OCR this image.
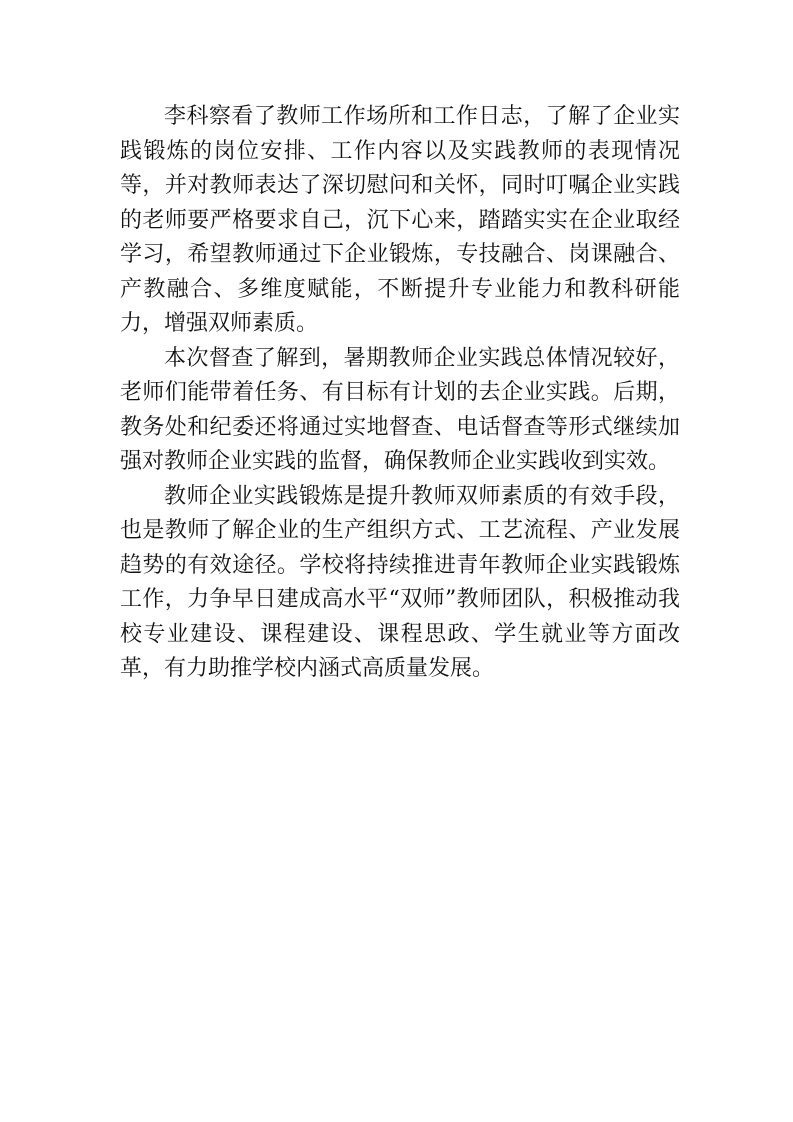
李科察看了教师工作场所和工作日志，了解了企业实践锻炼的岗位安排、工作内容以及实践教师的表现情况等，并对教师表达了深切慰问和关怀，同时叮嘱企业实践的老师要严格要求自己，沉下心来，踏踏实实在企业取经学习，希望教师通过下企业锻炼，专技融合、岗课融合、产教融合、多维度赋能，不断提升专业能力和教科研能力，增强双师素质。

本次督查了解到，暑期教师企业实践总体情况较好，老师们能带着任务、有目标有计划的去企业实践。后期，教务处和纪委还将通过实地督查、电话督查等形式继续加强对教师企业实践的监督，确保教师企业实践收到实效。

教师企业实践锻炼是提升教师双师素质的有效手段，也是教师了解企业的生产组织方式、工艺流程、产业发展趋势的有效途径。学校将持续推进青年教师企业实践锻炼工作，力争早日建成高水平“双师”教师团队，积极推动我校专业建设、课程建设、课程思政、学生就业等方面改革，有力助推学校内涵式高质量发展。
